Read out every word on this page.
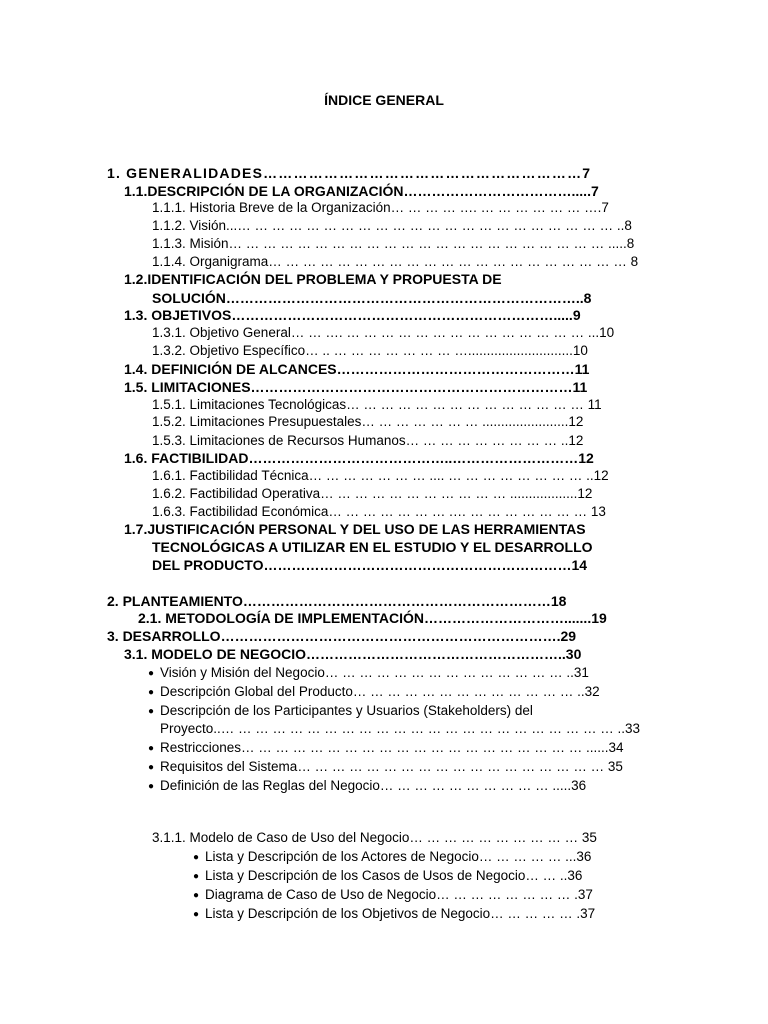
ÍNDICE GENERAL
1. GENERALIDADES………………………………………………………7
1.1.DESCRIPCIÓN DE LA ORGANIZACIÓN……………………………….....7
1.1.1. Historia Breve de la Organización… … … … …. … … … … … … ….7
1.1.2. Visión...… … … … … … … … … … … … … … … … … … … … … … ..8
1.1.3. Misión… … … … … … … … … … … … … … … … … … … … … … .....8
1.1.4. Organigrama… … … … … … … … … … … … … … … … … … … … … 8
1.2.IDENTIFICACIÓN DEL PROBLEMA Y PROPUESTA DE
SOLUCIÓN…………………………………………………………………..8
1.3. OBJETIVOS…………………………………………………………….....9
1.3.1. Objetivo General… … …. … … … … … … … … … … … … … … ...10
1.3.2. Objetivo Específico… .. … … … … … … … …............................10
1.4. DEFINICIÓN DE ALCANCES……………………………………………11
1.5. LIMITACIONES……………………………………………………………11
1.5.1. Limitaciones Tecnológicas… … … … … … … … … … … … … … 11
1.5.2. Limitaciones Presupuestales… … … … … … … .......................12
1.5.3. Limitaciones de Recursos Humanos… … … … … … … … … ..12
1.6. FACTIBILIDAD……………………………………..………………………12
1.6.1. Factibilidad Técnica… … … … … … … .... … … … … … … … … ..12
1.6.2. Factibilidad Operativa… … … … … … … … … … … ..................12
1.6.3. Factibilidad Económica… … … … … … … .… … … … … … … … 13
1.7.JUSTIFICACIÓN PERSONAL Y DEL USO DE LAS HERRAMIENTAS
TECNOLÓGICAS A UTILIZAR EN EL ESTUDIO Y EL DESARROLLO
DEL PRODUCTO…………………………………………………………14
2. PLANTEAMIENTO…………………………………………………………18
2.1. METODOLOGÍA DE IMPLEMENTACIÓN………………………….......19
3. DESARROLLO……………………………………………………………….29
3.1. MODELO DE NEGOCIO………………………………………………..30
● Visión y Misión del Negocio… … … … … … … … … … … … … … ..31
● Descripción Global del Producto… … … … … … … … … … … … … ..32
● Descripción de los Participantes y Usuarios (Stakeholders) del
Proyecto..… … … … … … … … … … … … … … … … … … … … … … … ..33
● Restricciones… … … … … … … … … … … … … … … … … … … … ......34
● Requisitos del Sistema… … … … … … … … … … … … … … … … … … 35
● Definición de las Reglas del Negocio… … … … … … … … … … .....36
3.1.1. Modelo de Caso de Uso del Negocio… … … … … … … … … … 35
● Lista y Descripción de los Actores de Negocio… … … … … ...36
● Lista y Descripción de los Casos de Usos de Negocio… … ..36
● Diagrama de Caso de Uso de Negocio… … … … … … … … .37
● Lista y Descripción de los Objetivos de Negocio… … … … … .37
